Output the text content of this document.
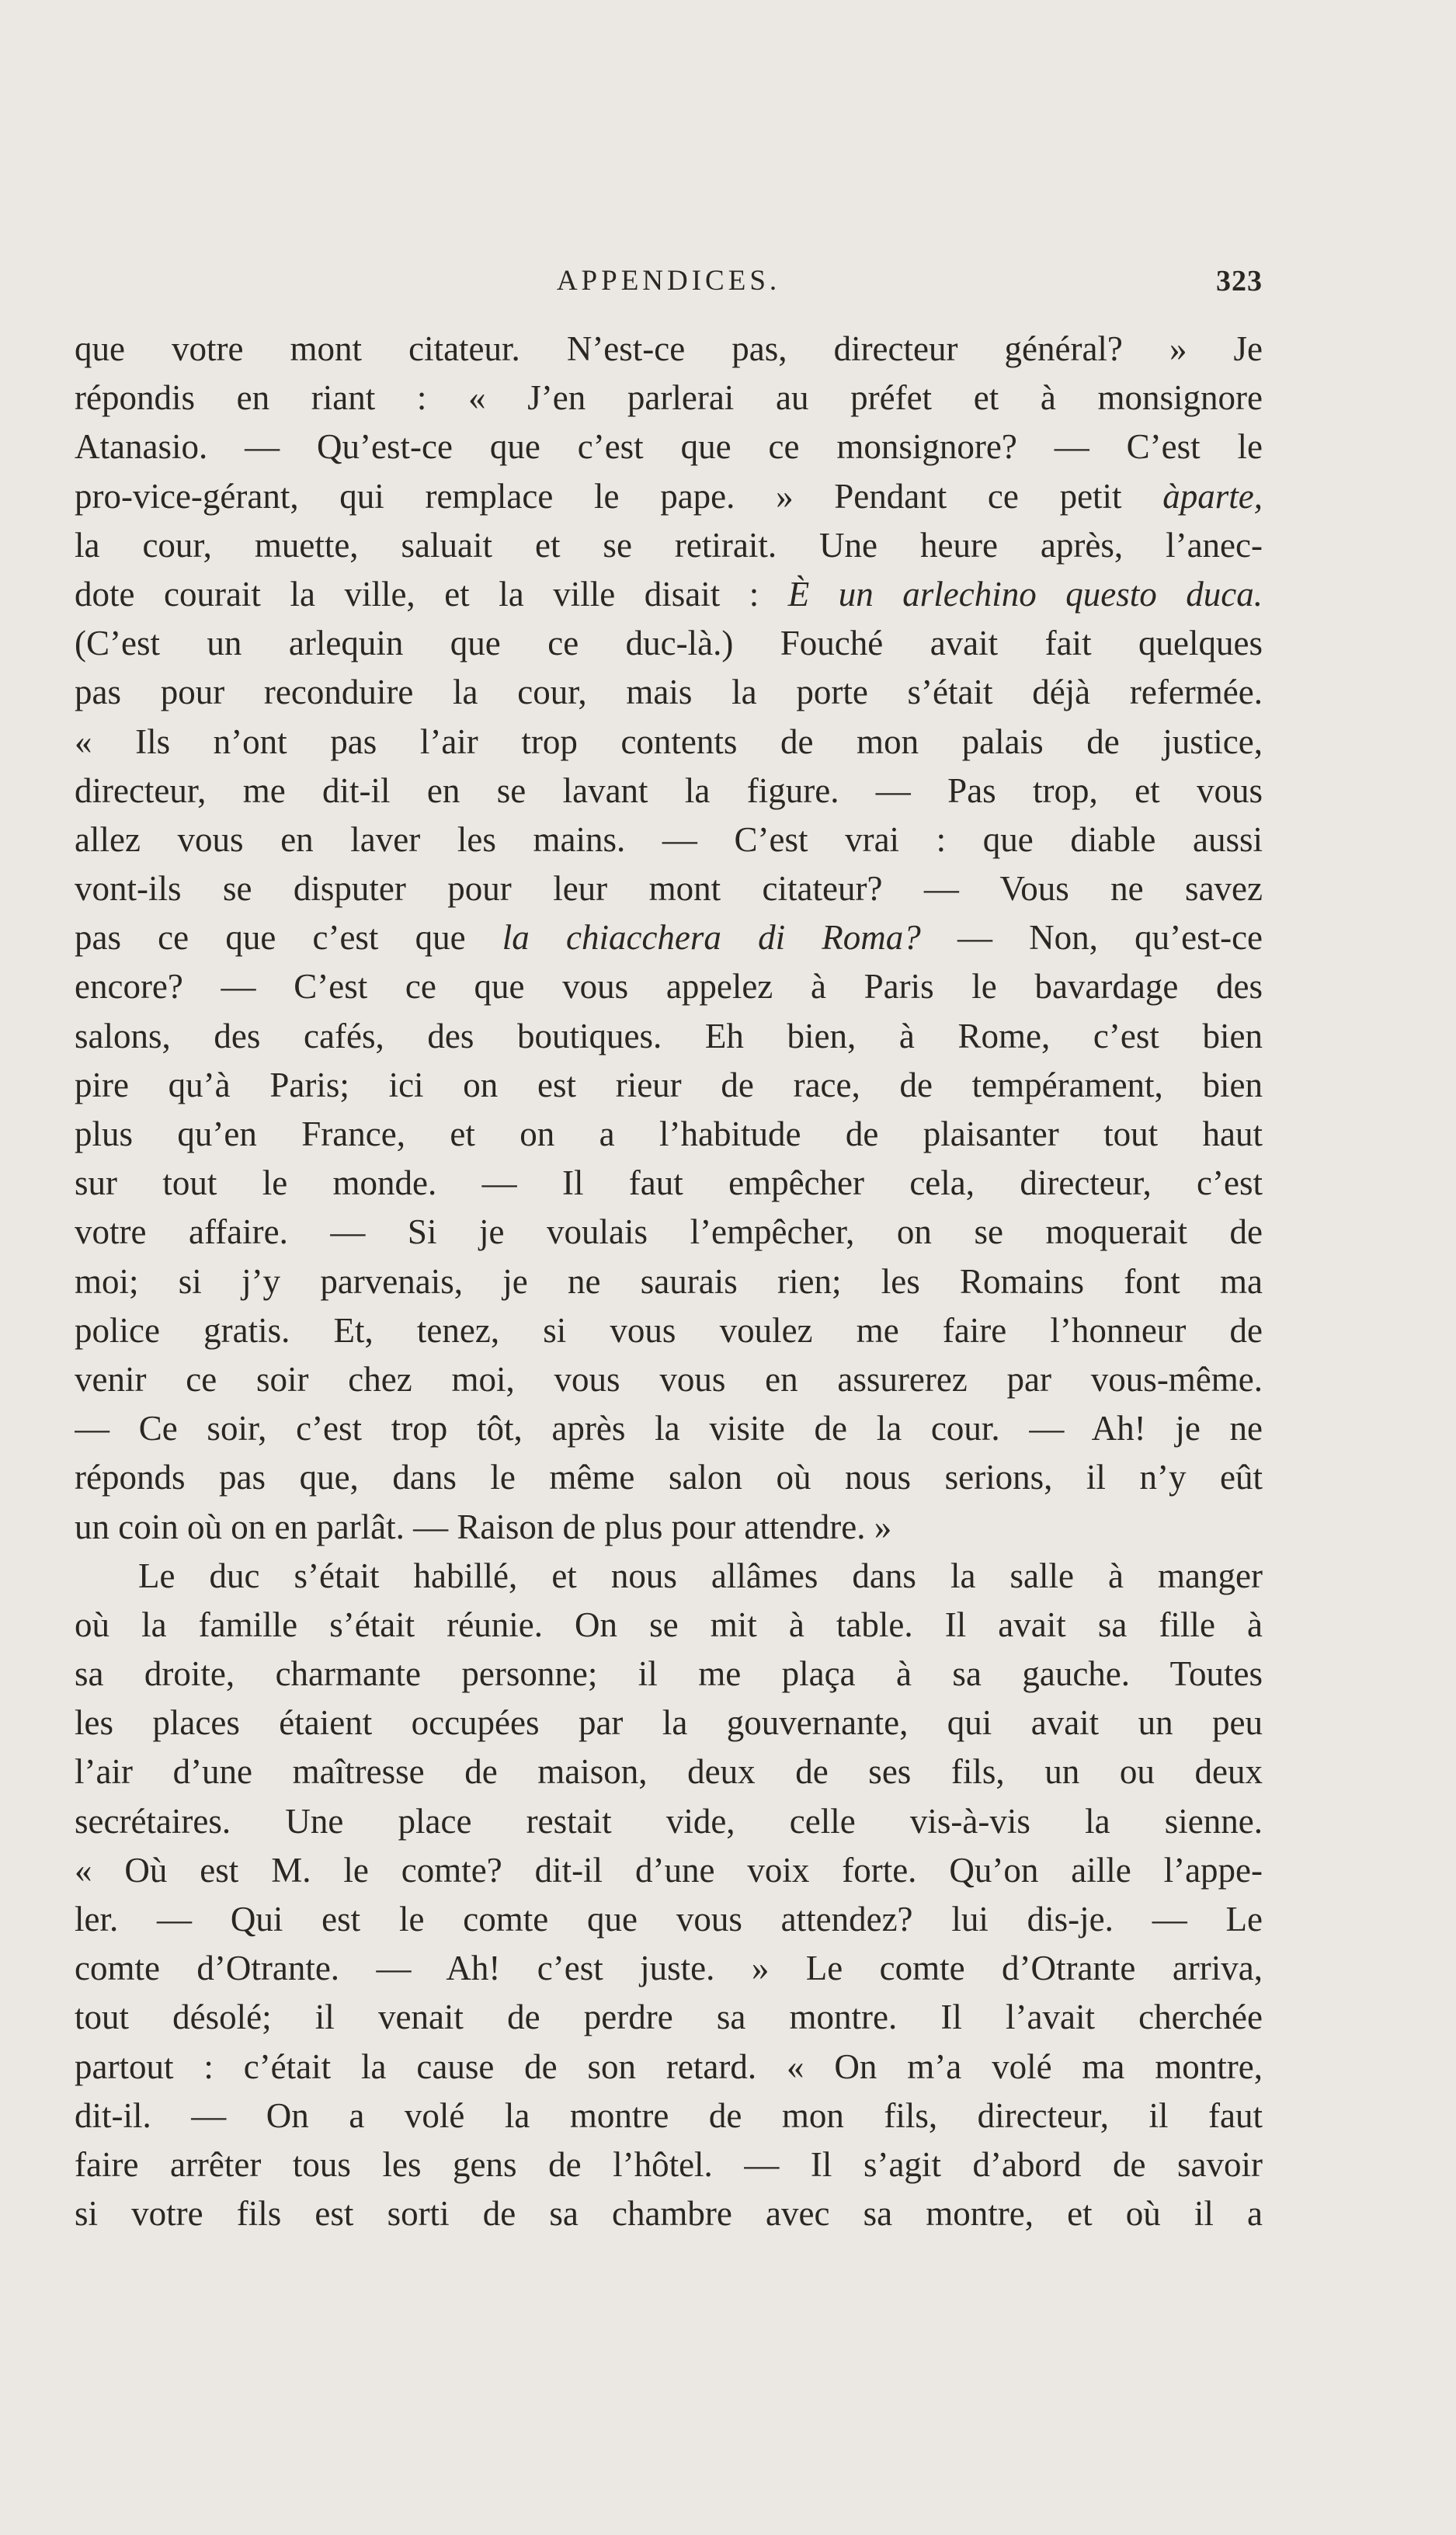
APPENDICES.	323
que votre mont citateur. N’est-ce pas, directeur général? » Je
répondis en riant : « J’en parlerai au préfet et à monsignore
Atanasio. — Qu’est-ce que c’est que ce monsignore? — C’est le
pro-vice-gérant, qui remplace le pape. » Pendant ce petit àparte,
la cour, muette, saluait et se retirait. Une heure après, l’anec-
dote courait la ville, et la ville disait : È un arlechino questo duca.
(C’est un arlequin que ce duc-là.) Fouché avait fait quelques
pas pour reconduire la cour, mais la porte s’était déjà refermée.
« Ils n’ont pas l’air trop contents de mon palais de justice,
directeur, me dit-il en se lavant la figure. — Pas trop, et vous
allez vous en laver les mains. — C’est vrai : que diable aussi
vont-ils se disputer pour leur mont citateur? — Vous ne savez
pas ce que c’est que la chiacchera di Roma? — Non, qu’est-ce
encore? — C’est ce que vous appelez à Paris le bavardage des
salons, des cafés, des boutiques. Eh bien, à Rome, c’est bien
pire qu’à Paris; ici on est rieur de race, de tempérament, bien
plus qu’en France, et on a l’habitude de plaisanter tout haut
sur tout le monde. — Il faut empêcher cela, directeur, c’est
votre affaire. — Si je voulais l’empêcher, on se moquerait de
moi; si j’y parvenais, je ne saurais rien; les Romains font ma
police gratis. Et, tenez, si vous voulez me faire l’honneur de
venir ce soir chez moi, vous vous en assurerez par vous-même.
— Ce soir, c’est trop tôt, après la visite de la cour. — Ah! je ne
réponds pas que, dans le même salon où nous serions, il n’y eût
un coin où on en parlât. — Raison de plus pour attendre. »
Le duc s’était habillé, et nous allâmes dans la salle à manger
où la famille s’était réunie. On se mit à table. Il avait sa fille à
sa droite, charmante personne; il me plaça à sa gauche. Toutes
les places étaient occupées par la gouvernante, qui avait un peu
l’air d’une maîtresse de maison, deux de ses fils, un ou deux
secrétaires. Une place restait vide, celle vis-à-vis la sienne.
« Où est M. le comte? dit-il d’une voix forte. Qu’on aille l’appe-
ler. — Qui est le comte que vous attendez? lui dis-je. — Le
comte d’Otrante. — Ah! c’est juste. » Le comte d’Otrante arriva,
tout désolé; il venait de perdre sa montre. Il l’avait cherchée
partout : c’était la cause de son retard. « On m’a volé ma montre,
dit-il. — On a volé la montre de mon fils, directeur, il faut
faire arrêter tous les gens de l’hôtel. — Il s’agit d’abord de savoir
si votre fils est sorti de sa chambre avec sa montre, et où il a
